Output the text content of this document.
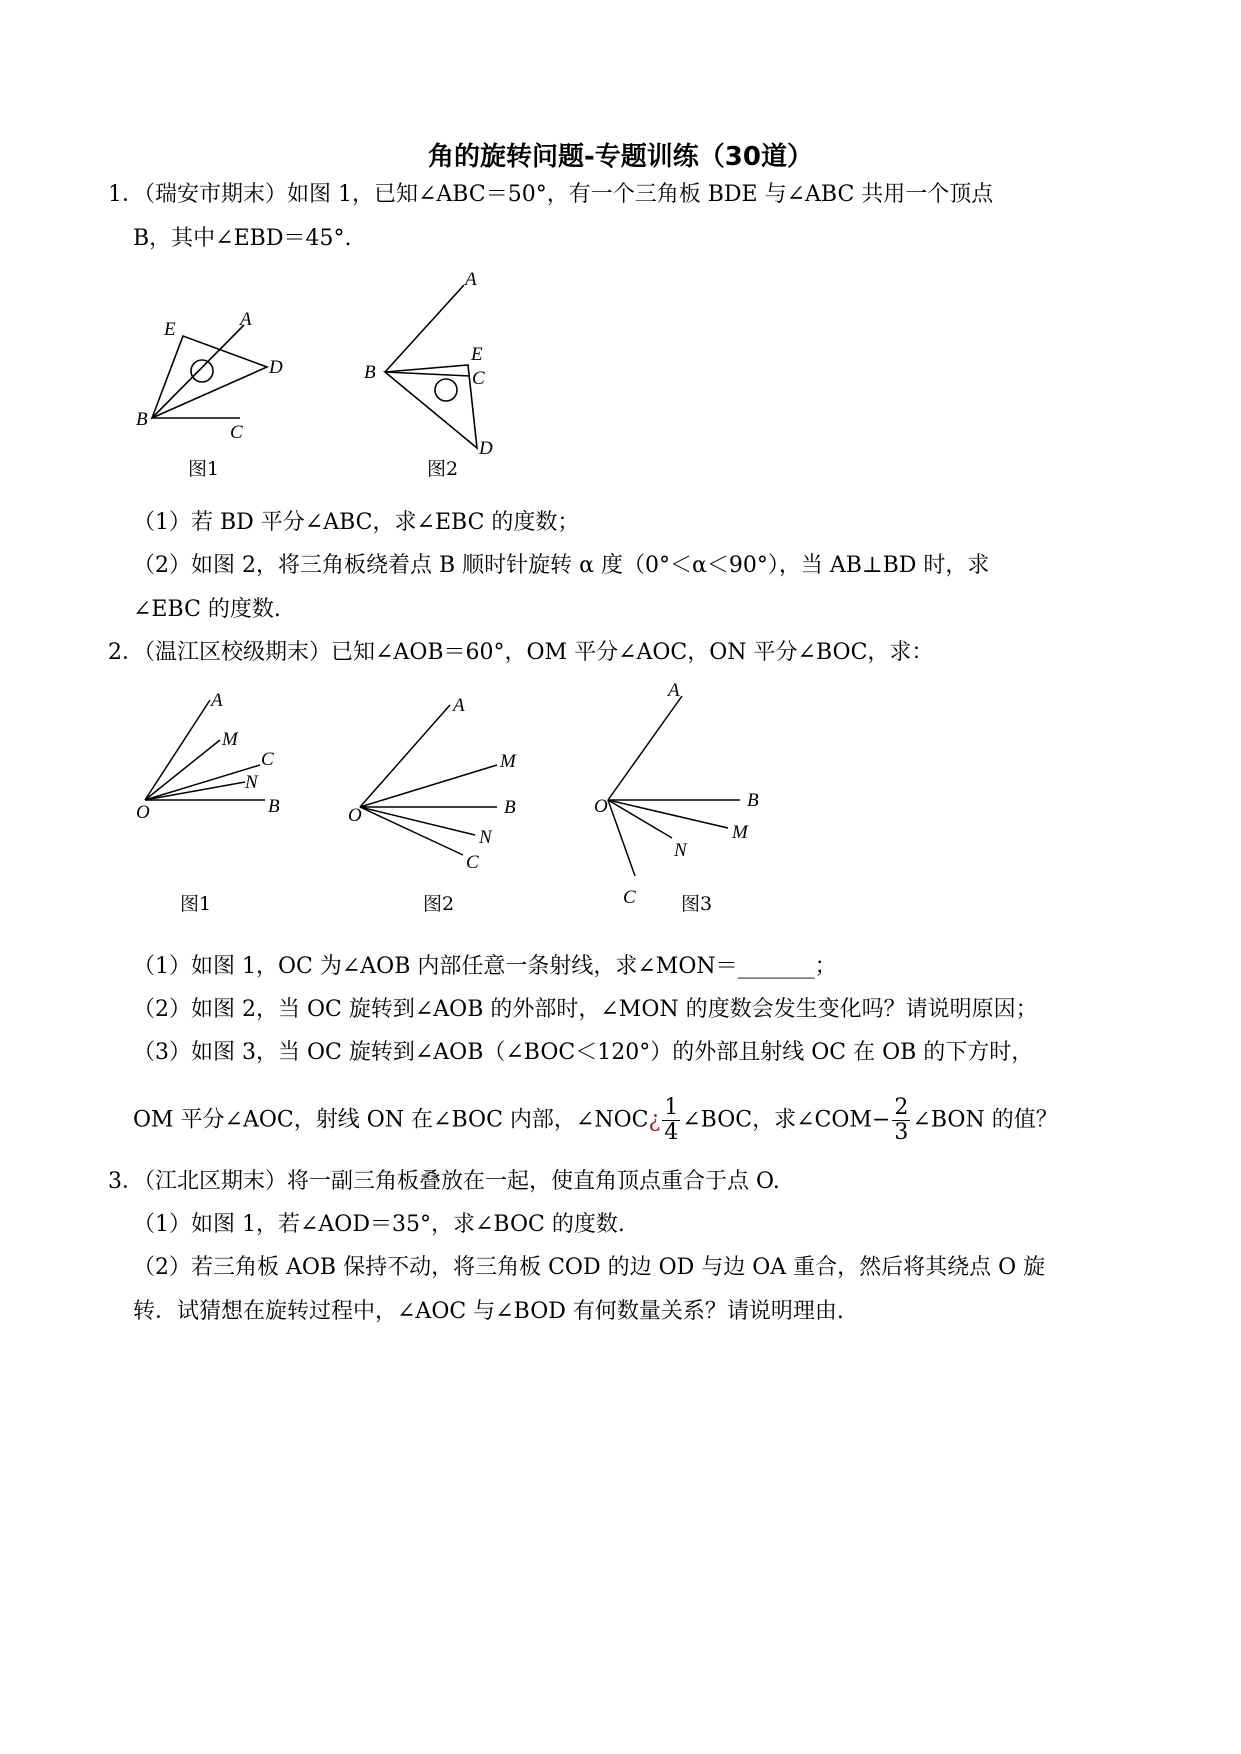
角的旋转问题-专题训练（30道）
1．（瑞安市期末）如图 1，已知∠ABC＝50°，有一个三角板 BDE 与∠ABC 共用一个顶点
B，其中∠EBD＝45°.
E	A
D
B
C
图1
A
B
E
C
D
图2
（1）若 BD 平分∠ABC，求∠EBC 的度数；
（2）如图 2，将三角板绕着点 B 顺时针旋转 α 度（0°＜α＜90°），当 AB⊥BD 时，求
∠EBC 的度数.
2．（温江区校级期末）已知∠AOB＝60°，OM 平分∠AOC，ON 平分∠BOC，求：
A
M
C
N
B
O
图1
A
M
B
N
C
O
图2
A
B
M
N
C
O
图3
（1）如图 1，OC 为∠AOB 内部任意一条射线，求∠MON＝_______；
（2）如图 2，当 OC 旋转到∠AOB 的外部时，∠MON 的度数会发生变化吗？请说明原因；
（3）如图 3，当 OC 旋转到∠AOB（∠BOC＜120°）的外部且射线 OC 在 OB 的下方时，
OM 平分∠AOC，射线 ON 在∠BOC 内部，∠NOC¿ $\frac{1}{4}$ ∠BOC，求∠COM− $\frac{2}{3}$ ∠BON 的值？
3．（江北区期末）将一副三角板叠放在一起，使直角顶点重合于点 O.
（1）如图 1，若∠AOD＝35°，求∠BOC 的度数.
（2）若三角板 AOB 保持不动，将三角板 COD 的边 OD 与边 OA 重合，然后将其绕点 O 旋
转．试猜想在旋转过程中，∠AOC 与∠BOD 有何数量关系？请说明理由.
